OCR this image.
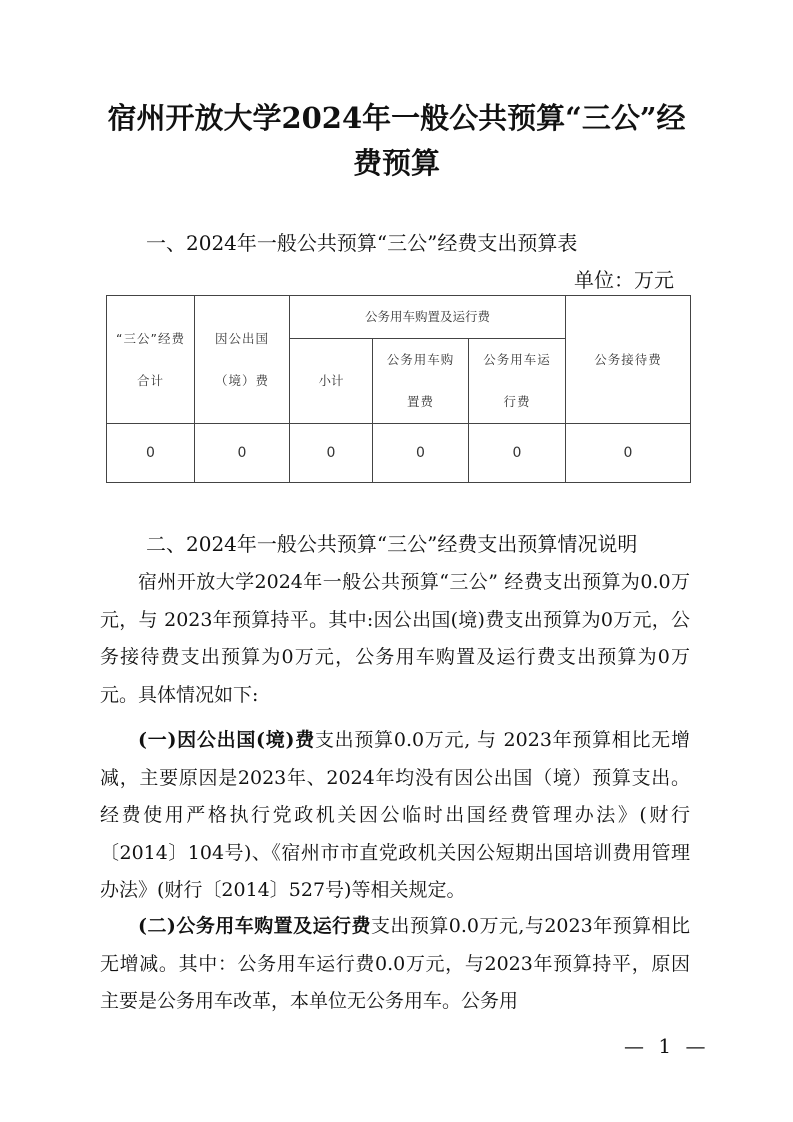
宿州开放大学2024年一般公共预算“三公”经
费预算

一、2024年一般公共预算“三公”经费支出预算表

单位：万元
“三公”经费合计	因公出国（境）费	公务用车购置及运行费			公务接待费
		小计	公务用车购置费	公务用车运行费	
0	0	0	0	0	0

二、2024年一般公共预算“三公”经费支出预算情况说明

宿州开放大学2024年一般公共预算“三公” 经费支出预算为0.0万元，与 2023年预算持平。其中:因公出国(境)费支出预算为0万元，公务接待费支出预算为0万元，公务用车购置及运行费支出预算为0万元。具体情况如下:

(一)因公出国(境)费支出预算0.0万元, 与 2023年预算相比无增减，主要原因是2023年、2024年均没有因公出国（境）预算支出。经费使用严格执行党政机关因公临时出国经费管理办法》(财行〔2014〕104号)、《宿州市市直党政机关因公短期出国培训费用管理办法》(财行〔2014〕527号)等相关规定。

(二)公务用车购置及运行费支出预算0.0万元,与2023年预算相比无增减。其中：公务用车运行费0.0万元，与2023年预算持平，原因主要是公务用车改革，本单位无公务用车。公务用

— 1 —
